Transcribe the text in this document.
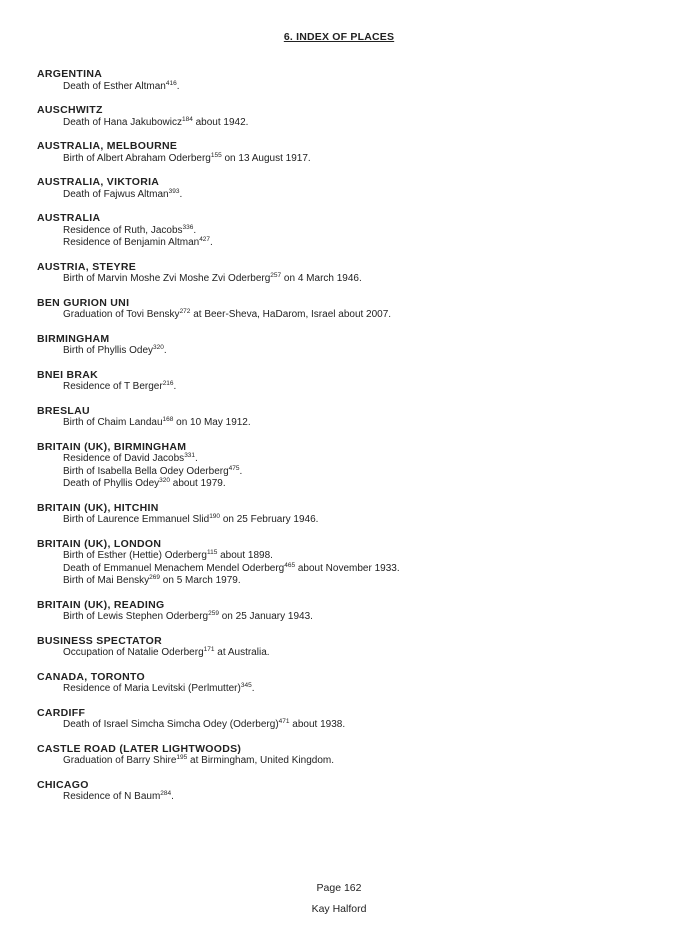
6. INDEX OF PLACES
ARGENTINA
Death of Esther Altman$^{416}$.
AUSCHWITZ
Death of Hana Jakubowicz$^{184}$ about 1942.
AUSTRALIA, MELBOURNE
Birth of Albert Abraham Oderberg$^{155}$ on 13 August 1917.
AUSTRALIA, VIKTORIA
Death of Fajwus Altman$^{393}$.
AUSTRALIA
Residence of Ruth, Jacobs$^{336}$.
Residence of Benjamin Altman$^{427}$.
AUSTRIA, STEYRE
Birth of Marvin Moshe Zvi Moshe Zvi Oderberg$^{257}$ on 4 March 1946.
BEN GURION UNI
Graduation of Tovi Bensky$^{272}$ at Beer-Sheva, HaDarom, Israel about 2007.
BIRMINGHAM
Birth of Phyllis Odey$^{320}$.
BNEI BRAK
Residence of T Berger$^{216}$.
BRESLAU
Birth of Chaim Landau$^{168}$ on 10 May 1912.
BRITAIN (UK), BIRMINGHAM
Residence of David Jacobs$^{331}$.
Birth of Isabella Bella Odey Oderberg$^{475}$.
Death of Phyllis Odey$^{320}$ about 1979.
BRITAIN (UK), HITCHIN
Birth of Laurence Emmanuel Slid$^{190}$ on 25 February 1946.
BRITAIN (UK), LONDON
Birth of Esther (Hettie) Oderberg$^{115}$ about 1898.
Death of Emmanuel Menachem Mendel Oderberg$^{465}$ about November 1933.
Birth of Mai Bensky$^{269}$ on 5 March 1979.
BRITAIN (UK), READING
Birth of Lewis Stephen Oderberg$^{259}$ on 25 January 1943.
BUSINESS SPECTATOR
Occupation of Natalie Oderberg$^{171}$ at Australia.
CANADA, TORONTO
Residence of Maria Levitski (Perlmutter)$^{345}$.
CARDIFF
Death of Israel Simcha Simcha Odey (Oderberg)$^{471}$ about 1938.
CASTLE ROAD (LATER LIGHTWOODS)
Graduation of Barry Shire$^{195}$ at Birmingham, United Kingdom.
CHICAGO
Residence of N Baum$^{284}$.
Page 162
Kay Halford
